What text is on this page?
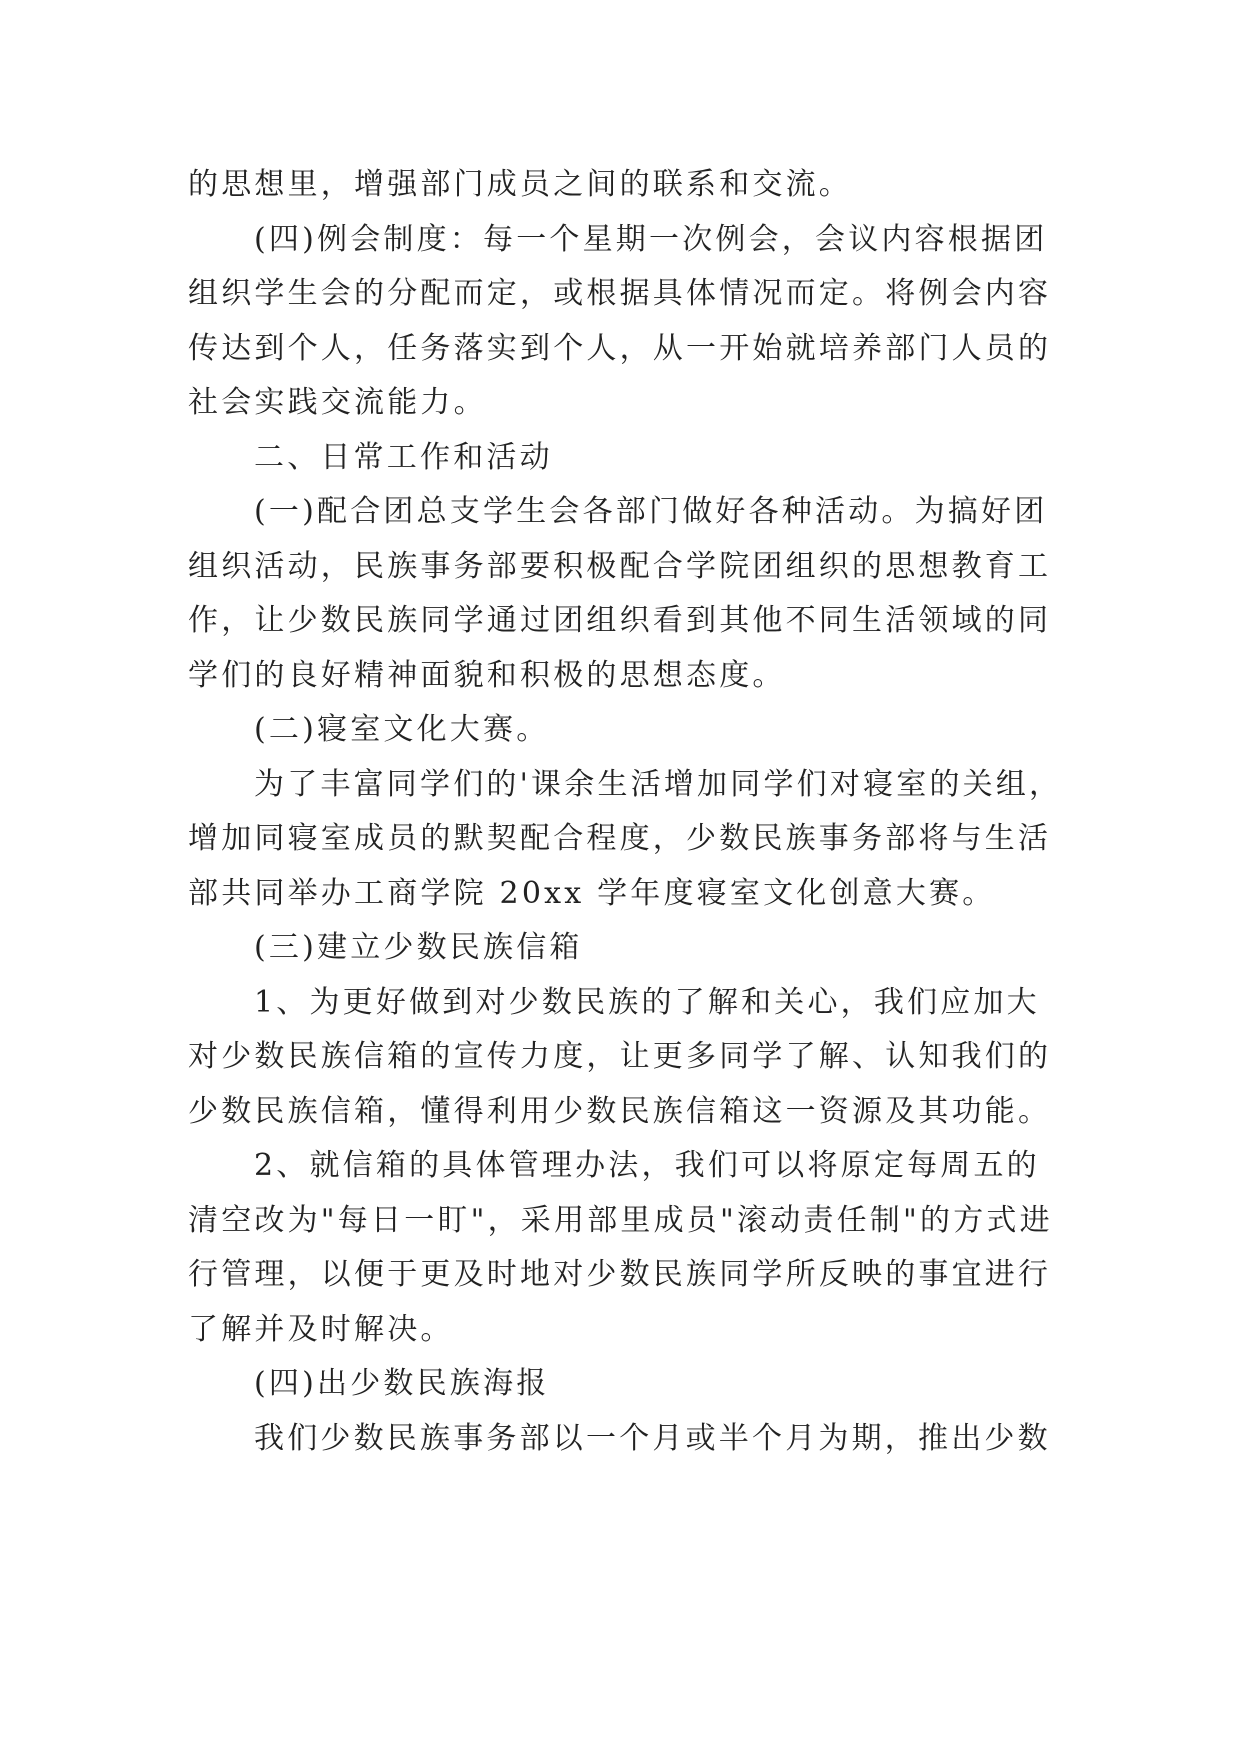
的思想里，增强部门成员之间的联系和交流。
(四)例会制度：每一个星期一次例会，会议内容根据团
组织学生会的分配而定，或根据具体情况而定。将例会内容
传达到个人，任务落实到个人，从一开始就培养部门人员的
社会实践交流能力。
二、日常工作和活动
(一)配合团总支学生会各部门做好各种活动。为搞好团
组织活动，民族事务部要积极配合学院团组织的思想教育工
作，让少数民族同学通过团组织看到其他不同生活领域的同
学们的良好精神面貌和积极的思想态度。
(二)寝室文化大赛。
为了丰富同学们的'课余生活增加同学们对寝室的关组，
增加同寝室成员的默契配合程度，少数民族事务部将与生活
部共同举办工商学院 20xx 学年度寝室文化创意大赛。
(三)建立少数民族信箱
1、为更好做到对少数民族的了解和关心，我们应加大
对少数民族信箱的宣传力度，让更多同学了解、认知我们的
少数民族信箱，懂得利用少数民族信箱这一资源及其功能。
2、就信箱的具体管理办法，我们可以将原定每周五的
清空改为"每日一盯"，采用部里成员"滚动责任制"的方式进
行管理，以便于更及时地对少数民族同学所反映的事宜进行
了解并及时解决。
(四)出少数民族海报
我们少数民族事务部以一个月或半个月为期，推出少数
